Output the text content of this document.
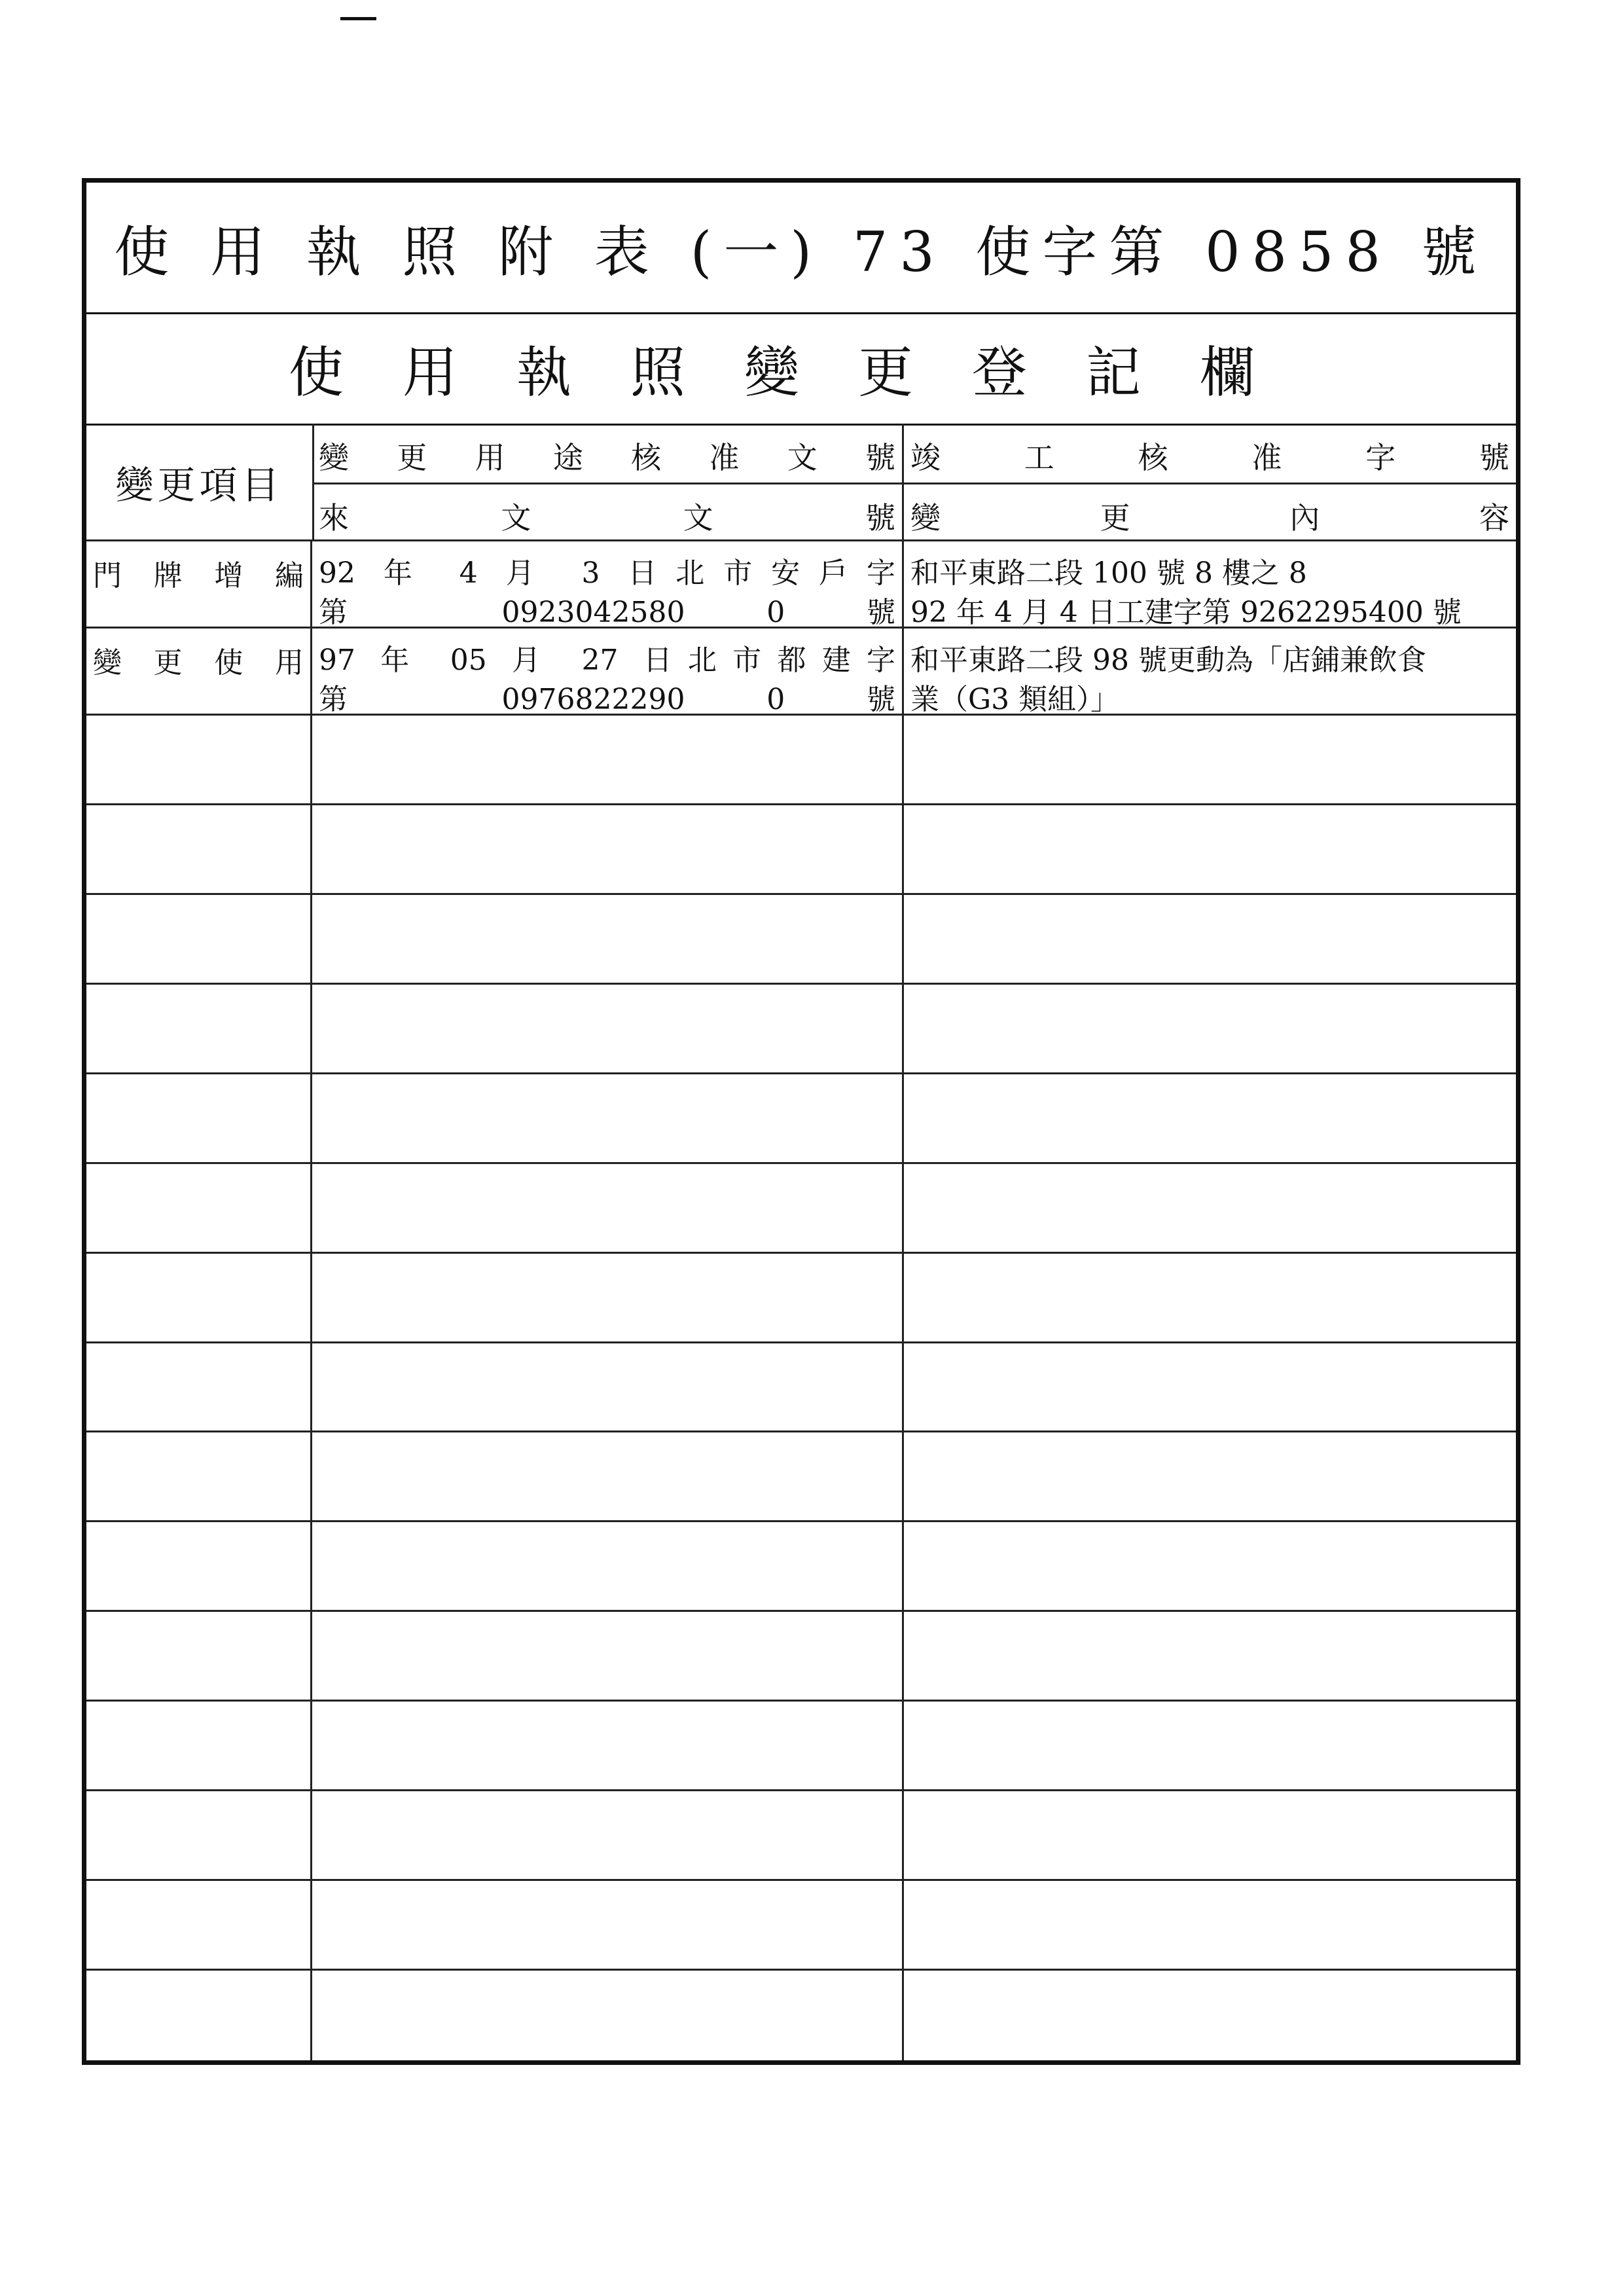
使 用 執 照 附 表 (一) 73 使字第 0858 號
使用執照變更登記欄
變更項目
變更用途核准文號 竣工核准字號
來文文號 變更內容
門牌增編 92 年 4 月 3 日北市安戶字
第 0923042580 0 號
和平東路二段 100 號 8 樓之 8
92 年 4 月 4 日工建字第 9262295400 號
變更使用 97 年 05 月 27 日北市都建字
第 0976822290 0 號
和平東路二段 98 號更動為「店鋪兼飲食
業（G3 類組）」
